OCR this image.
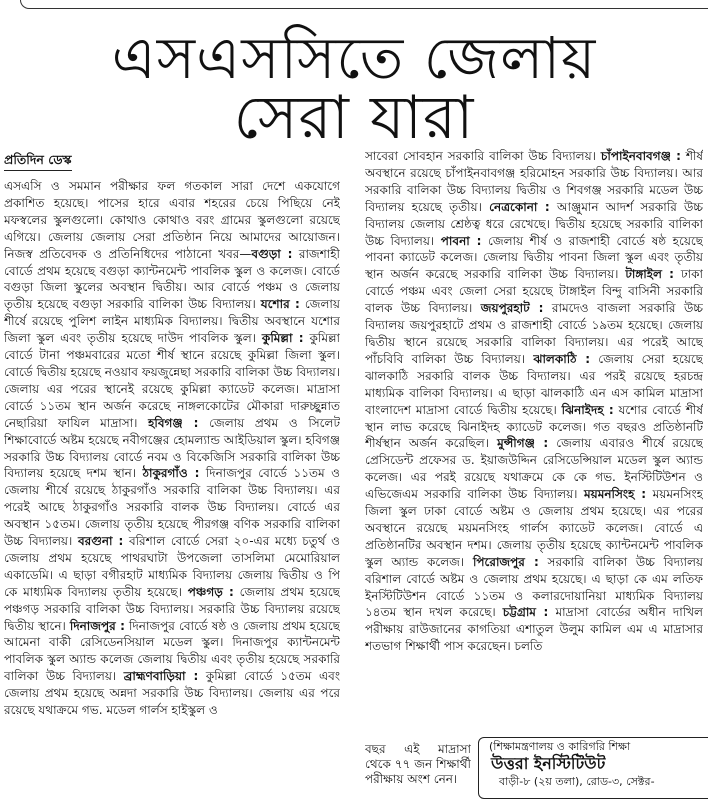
এসএসসিতে জেলায়
সেরা যারা

প্রতিদিন ডেস্ক

এসএসি ও সমমান পরীক্ষার ফল গতকাল সারা দেশে একযোগে প্রকাশিত হয়েছে। পাসের হারে এবার শহরের চেয়ে পিছিয়ে নেই মফস্বলের স্কুলগুলো। কোথাও কোথাও বরং গ্রামের স্কুলগুলো রয়েছে এগিয়ে। জেলায় জেলায় সেরা প্রতিষ্ঠান নিয়ে আমাদের আয়োজন। নিজস্ব প্রতিবেদক ও প্রতিনিধিদের পাঠানো খবর—বগুড়া : রাজশাহী বোর্ডে প্রথম হয়েছে বগুড়া ক্যান্টনমেন্ট পাবলিক স্কুল ও কলেজ। বোর্ডে বগুড়া জিলা স্কুলের অবস্থান দ্বিতীয়। আর বোর্ডে পঞ্চম ও জেলায় তৃতীয় হয়েছে বগুড়া সরকারি বালিকা উচ্চ বিদ্যালয়। যশোর : জেলায় শীর্ষে রয়েছে পুলিশ লাইন মাধ্যমিক বিদ্যালয়। দ্বিতীয় অবস্থানে যশোর জিলা স্কুল এবং তৃতীয় হয়েছে দাউদ পাবলিক স্কুল। কুমিল্লা : কুমিল্লা বোর্ডে টানা পঞ্চমবারের মতো শীর্ষ স্থানে রয়েছে কুমিল্লা জিলা স্কুল। বোর্ডে দ্বিতীয় হয়েছে নওয়াব ফয়জুন্নেছা সরকারি বালিকা উচ্চ বিদ্যালয়। জেলায় এর পরের স্থানেই রয়েছে কুমিল্লা ক্যাডেট কলেজ। মাদ্রাসা বোর্ডে ১১তম স্থান অর্জন করেছে নাঙ্গলকোটের মৌকারা দারুচ্ছুন্নাত নেছারিয়া ফাযিল মাদ্রাসা। হবিগঞ্জ : জেলায় প্রথম ও সিলেট শিক্ষাবোর্ডে অষ্টম হয়েছে নবীগঞ্জের হোমল্যান্ড আইডিয়াল স্কুল। হবিগঞ্জ সরকারি উচ্চ বিদ্যালয় বোর্ডে নবম ও বিকেজিসি সরকারি বালিকা উচ্চ বিদ্যালয় হয়েছে দশম স্থান। ঠাকুরগাঁও : দিনাজপুর বোর্ডে ১১তম ও জেলায় শীর্ষে রয়েছে ঠাকুরগাঁও সরকারি বালিকা উচ্চ বিদ্যালয়। এর পরেই আছে ঠাকুরগাঁও সরকারি বালক উচ্চ বিদ্যালয়। বোর্ডে এর অবস্থান ১৫তম। জেলায় তৃতীয় হয়েছে পীরগঞ্জ বণিক সরকারি বালিকা উচ্চ বিদ্যালয়। বরগুনা : বরিশাল বোর্ডে সেরা ২০-এর মধ্যে চতুর্থ ও জেলায় প্রথম হয়েছে পাথরঘাটা উপজেলা তাসলিমা মেমোরিয়াল একাডেমি। এ ছাড়া বগীরহাট মাধ্যমিক বিদ্যালয় জেলায় দ্বিতীয় ও পি কে মাধ্যমিক বিদ্যালয় তৃতীয় হয়েছে। পঞ্চগড় : জেলায় প্রথম হয়েছে পঞ্চগড় সরকারি বালিকা উচ্চ বিদ্যালয়। সরকারি উচ্চ বিদ্যালয় রয়েছে দ্বিতীয় স্থানে। দিনাজপুর : দিনাজপুর বোর্ডে ষষ্ঠ ও জেলায় প্রথম হয়েছে আমেনা বাকী রেসিডেনসিয়াল মডেল স্কুল। দিনাজপুর ক্যান্টনমেন্ট পাবলিক স্কুল অ্যান্ড কলেজ জেলায় দ্বিতীয় এবং তৃতীয় হয়েছে সরকারি বালিকা উচ্চ বিদ্যালয়। ব্রাহ্মণবাড়িয়া : কুমিল্লা বোর্ডে ১৫তম এবং জেলায় প্রথম হয়েছে অন্নদা সরকারি উচ্চ বিদ্যালয়। জেলায় এর পরে রয়েছে যথাক্রমে গভ. মডেল গার্লস হাইস্কুল ও

সাবেরা সোবহান সরকারি বালিকা উচ্চ বিদ্যালয়। চাঁপাইনবাবগঞ্জ : শীর্ষ অবস্থানে রয়েছে চাঁপাইনবাবগঞ্জ হরিমোহন সরকারি উচ্চ বিদ্যালয়। আর সরকারি বালিকা উচ্চ বিদ্যালয় দ্বিতীয় ও শিবগঞ্জ সরকারি মডেল উচ্চ বিদ্যালয় হয়েছে তৃতীয়। নেত্রকোনা : আঞ্জুমান আদর্শ সরকারি উচ্চ বিদ্যালয় জেলায় শ্রেষ্ঠত্ব ধরে রেখেছে। দ্বিতীয় হয়েছে সরকারি বালিকা উচ্চ বিদ্যালয়। পাবনা : জেলায় শীর্ষ ও রাজশাহী বোর্ডে ষষ্ঠ হয়েছে পাবনা ক্যাডেট কলেজ। জেলায় দ্বিতীয় পাবনা জিলা স্কুল এবং তৃতীয় স্থান অর্জন করেছে সরকারি বালিকা উচ্চ বিদ্যালয়। টাঙ্গাইল : ঢাকা বোর্ডে পঞ্চম এবং জেলা সেরা হয়েছে টাঙ্গাইল বিন্দু বাসিনী সরকারি বালক উচ্চ বিদ্যালয়। জয়পুরহাট : রামদেও বাজলা সরকারি উচ্চ বিদ্যালয় জয়পুরহাটে প্রথম ও রাজশাহী বোর্ডে ১৯তম হয়েছে। জেলায় দ্বিতীয় স্থানে রয়েছে সরকারি বালিকা বিদ্যালয়। এর পরেই আছে পাঁচবিবি বালিকা উচ্চ বিদ্যালয়। ঝালকাঠি : জেলায় সেরা হয়েছে ঝালকাঠি সরকারি বালক উচ্চ বিদ্যালয়। এর পরই রয়েছে হরচন্দ্র মাধ্যমিক বালিকা বিদ্যালয়। এ ছাড়া ঝালকাঠি এন এস কামিল মাদ্রাসা বাংলাদেশ মাদ্রাসা বোর্ডে দ্বিতীয় হয়েছে। ঝিনাইদহ : যশোর বোর্ডে শীর্ষ স্থান লাভ করেছে ঝিনাইদহ ক্যাডেট কলেজ। গত বছরও প্রতিষ্ঠানটি শীর্ষস্থান অর্জন করেছিল। মুন্সীগঞ্জ : জেলায় এবারও শীর্ষে রয়েছে প্রেসিডেন্ট প্রফেসর ড. ইয়াজউদ্দিন রেসিডেন্সিয়াল মডেল স্কুল অ্যান্ড কলেজ। এর পরই রয়েছে যথাক্রমে কে কে গভ. ইনস্টিটিউশন ও এভিজেএম সরকারি বালিকা উচ্চ বিদ্যালয়। ময়মনসিংহ : ময়মনসিংহ জিলা স্কুল ঢাকা বোর্ডে অষ্টম ও জেলায় প্রথম হয়েছে। এর পরের অবস্থানে রয়েছে ময়মনসিংহ গার্লস ক্যাডেট কলেজ। বোর্ডে এ প্রতিষ্ঠানটির অবস্থান দশম। জেলায় তৃতীয় হয়েছে ক্যান্টনমেন্ট পাবলিক স্কুল অ্যান্ড কলেজ। পিরোজপুর : সরকারি বালিকা উচ্চ বিদ্যালয় বরিশাল বোর্ডে অষ্টম ও জেলায় প্রথম হয়েছে। এ ছাড়া কে এম লতিফ ইনস্টিটিউশন বোর্ডে ১১তম ও কলারদোয়ানিয়া মাধ্যমিক বিদ্যালয় ১৪তম স্থান দখল করেছে। চট্টগ্রাম : মাদ্রাসা বোর্ডের অধীন দাখিল পরীক্ষায় রাউজানের কাগতিয়া এশাতুল উলুম কামিল এম এ মাদ্রাসার শতভাগ শিক্ষার্থী পাস করেছেন। চলতি

বছর এই মাদ্রাসা থেকে ৭৭ জন শিক্ষার্থী পরীক্ষায় অংশ নেন।

(শিক্ষামন্ত্রণালয় ও কারিগরি শিক্ষা
উত্তরা ইনস্টিটিউট
বাড়ী-৮ (২য় তলা), রোড-৩, সেক্টর-
